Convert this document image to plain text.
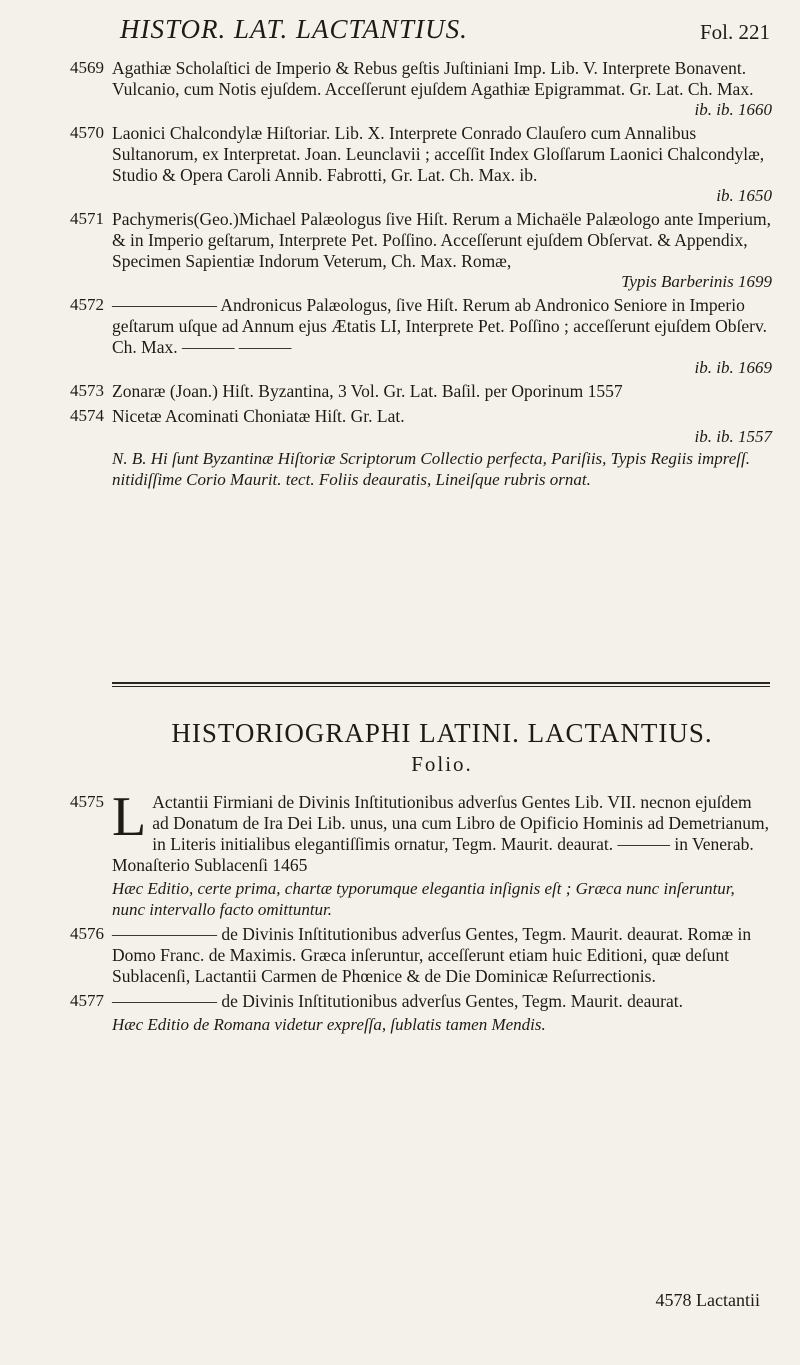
HISTOR. LAT. LACTANTIUS.	Fol. 221
4569 Agathiæ Scholaſtici de Imperio & Rebus geſtis Juſtiniani Imp. Lib. V. Interprete Bonavent. Vulcanio, cum Notis ejuſdem. Acceſſerunt ejuſdem Agathiæ Epigrammat. Gr. Lat. Ch. Max.
ib. ib. 1660
4570 Laonici Chalcondylæ Hiſtoriar. Lib. X. Interprete Conrado Clauſero cum Annalibus Sultanorum, ex Interpretat. Joan. Leunclavii ; acceſſit Index Gloſſarum Laonici Chalcondylæ, Studio & Opera Caroli Annib. Fabrotti, Gr. Lat. Ch. Max. ib.
ib. 1650
4571 Pachymeris(Geo.)Michael Palæologus ſive Hiſt. Rerum a Michaële Palæologo ante Imperium, & in Imperio geſtarum, Interprete Pet. Poſſino. Acceſſerunt ejuſdem Obſervat. & Appendix, Specimen Sapientiæ Indorum Veterum, Ch. Max. Romæ,
Typis Barberinis 1699
4572 —————— Andronicus Palæologus, ſive Hiſt. Rerum ab Andronico Seniore in Imperio geſtarum uſque ad Annum ejus Ætatis LI, Interprete Pet. Poſſino ; acceſſerunt ejuſdem Obſerv. Ch. Max. ——— ———
ib. ib. 1669
4573 Zonaræ (Joan.) Hiſt. Byzantina, 3 Vol. Gr. Lat. Baſil. per Oporinum 1557
4574 Nicetæ Acominati Choniatæ Hiſt. Gr. Lat.
ib. ib. 1557
N. B. Hi ſunt Byzantinæ Hiſtoriæ Scriptorum Collectio perfecta, Pariſiis, Typis Regiis impreſſ. nitidiſſime Corio Maurit. tect. Foliis deauratis, Lineiſque rubris ornat.
HISTORIOGRAPHI LATINI. LACTANTIUS.
Folio.
4575 L Actantii Firmiani de Divinis Inſtitutionibus adverſus Gentes Lib. VII. necnon ejuſdem ad Donatum de Ira Dei Lib. unus, una cum Libro de Opificio Hominis ad Demetrianum, in Literis initialibus elegantiſſimis ornatur, Tegm. Maurit. deaurat. ——— in Venerab. Monaſterio Sublacenſi 1465
Hæc Editio, certe prima, chartæ typorumque elegantia inſignis eſt ; Græca nunc inſeruntur, nunc intervallo facto omittuntur.
4576 —————— de Divinis Inſtitutionibus adverſus Gentes, Tegm. Maurit. deaurat. Romæ in Domo Franc. de Maximis. Græca inſeruntur, acceſſerunt etiam huic Editioni, quæ deſunt Sublacenſi, Lactantii Carmen de Phœnice & de Die Dominicæ Reſurrectionis.
4577 —————— de Divinis Inſtitutionibus adverſus Gentes, Tegm. Maurit. deaurat.
Hæc Editio de Romana videtur expreſſa, ſublatis tamen Mendis.
4578 Lactantii
